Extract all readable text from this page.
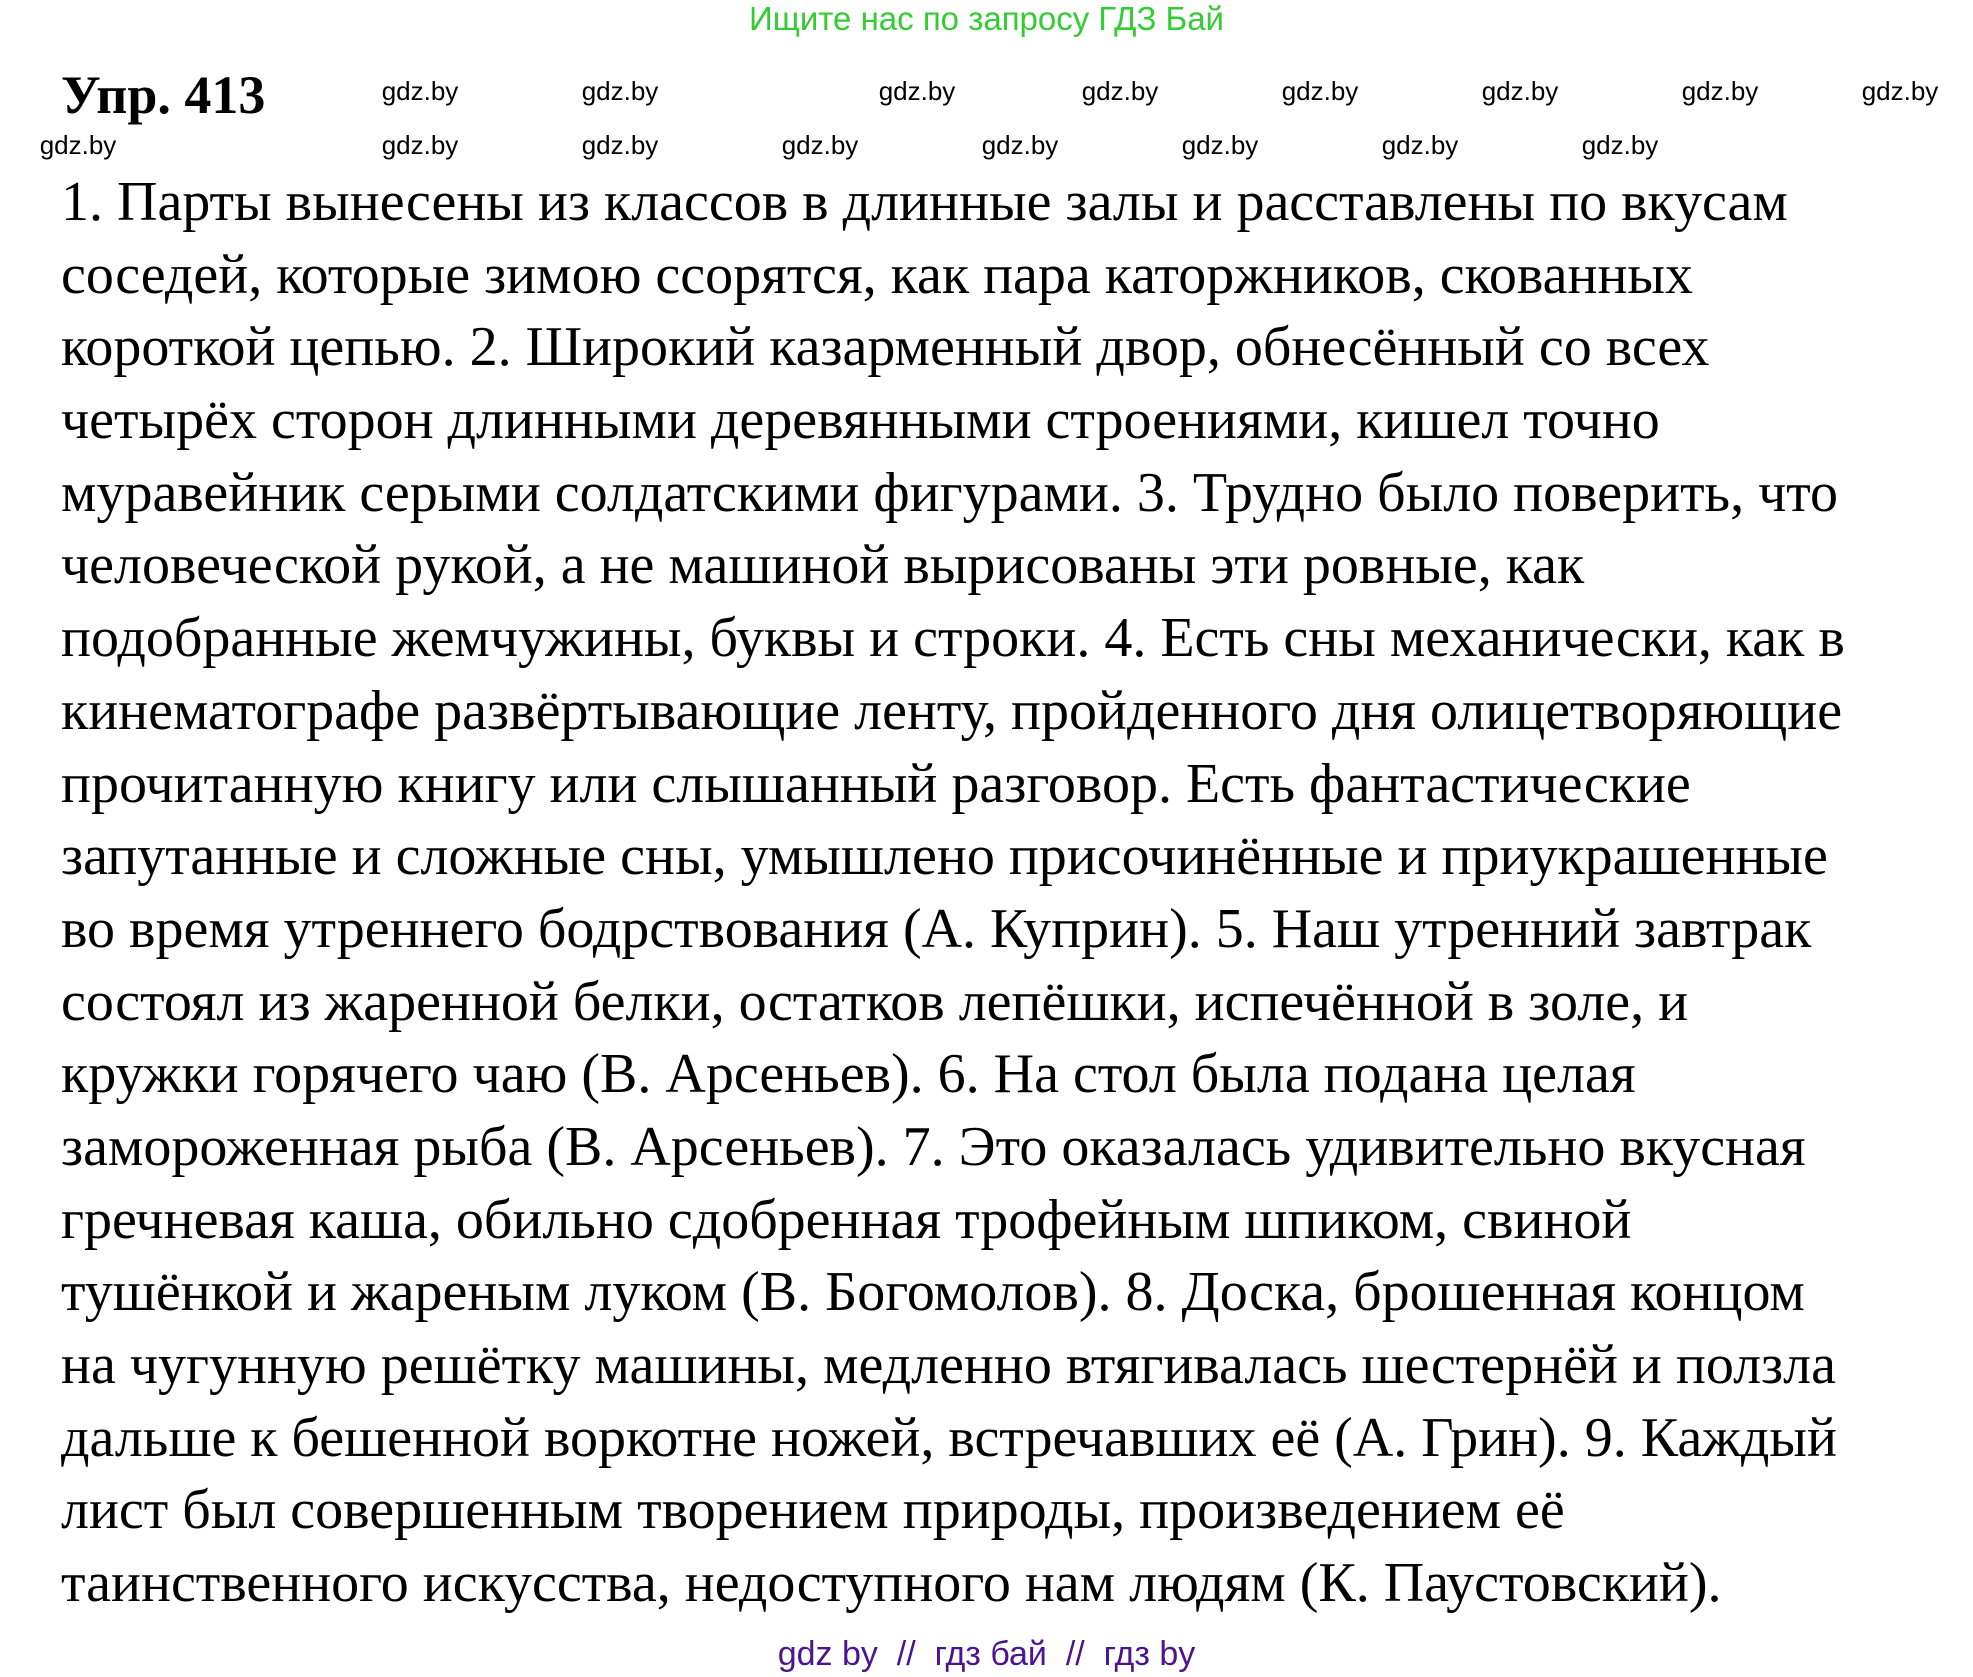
Ищите нас по запросу ГДЗ Бай
Упр. 413
1. Парты вынесены из классов в длинные залы и расставлены по вкусам
соседей, которые зимою ссорятся, как пара каторжников, скованных
короткой цепью. 2. Широкий казарменный двор, обнесённый со всех
четырёх сторон длинными деревянными строениями, кишел точно
муравейник серыми солдатскими фигурами. 3. Трудно было поверить, что
человеческой рукой, а не машиной вырисованы эти ровные, как
подобранные жемчужины, буквы и строки. 4. Есть сны механически, как в
кинематографе развёртывающие ленту, пройденного дня олицетворяющие
прочитанную книгу или слышанный разговор. Есть фантастические
запутанные и сложные сны, умышлено присочинённые и приукрашенные
во время утреннего бодрствования (А. Куприн). 5. Наш утренний завтрак
состоял из жаренной белки, остатков лепёшки, испечённой в золе, и
кружки горячего чаю (В. Арсеньев). 6. На стол была подана целая
замороженная рыба (В. Арсеньев). 7. Это оказалась удивительно вкусная
гречневая каша, обильно сдобренная трофейным шпиком, свиной
тушёнкой и жареным луком (В. Богомолов). 8. Доска, брошенная концом
на чугунную решётку машины, медленно втягивалась шестернёй и ползла
дальше к бешенной воркотне ножей, встречавших её (А. Грин). 9. Каждый
лист был совершенным творением природы, произведением её
таинственного искусства, недоступного нам людям (К. Паустовский).
gdz.by	gdz.by	gdz.by	gdz.by	gdz.by	gdz.by	gdz.by	gdz.by
gdz.by	gdz.by	gdz.by	gdz.by	gdz.by	gdz.by	gdz.by	gdz.by
gdz by  //  гдз бай  //  гдз by
